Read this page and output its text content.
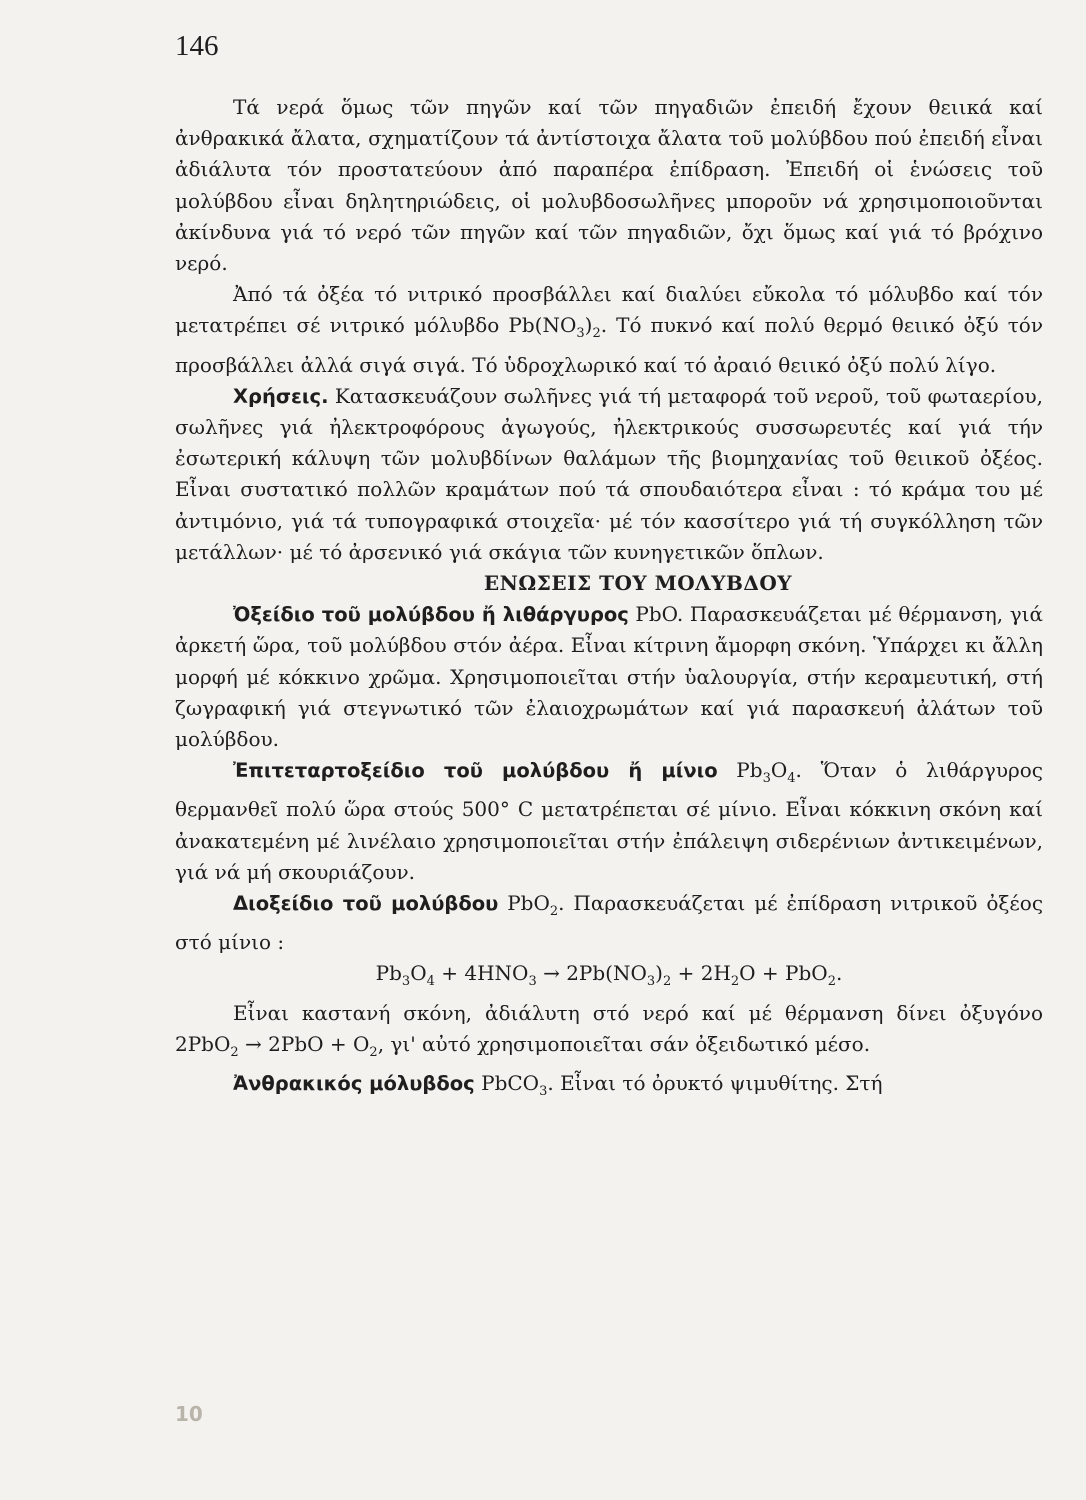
146

Τά νερά ὅμως τῶν πηγῶν καί τῶν πηγαδιῶν ἐπειδή ἔχουν θειικά καί ἀνθρακικά ἄλατα, σχηματίζουν τά ἀντίστοιχα ἄλατα τοῦ μολύβδου πού ἐπειδή εἶναι ἀδιάλυτα τόν προστατεύουν ἀπό παραπέρα ἐπίδραση. Ἐπειδή οἱ ἑνώσεις τοῦ μολύβδου εἶναι δηλητηριώδεις, οἱ μολυβδοσωλῆνες μποροῦν νά χρησιμοποιοῦνται ἀκίνδυνα γιά τό νερό τῶν πηγῶν καί τῶν πηγαδιῶν, ὄχι ὅμως καί γιά τό βρόχινο νερό.

Ἀπό τά ὀξέα τό νιτρικό προσβάλλει καί διαλύει εὔκολα τό μόλυβδο καί τόν μετατρέπει σέ νιτρικό μόλυβδο $Pb(NO_3)_2$. Τό πυκνό καί πολύ θερμό θειικό ὀξύ τόν προσβάλλει ἀλλά σιγά σιγά. Τό ὑδροχλωρικό καί τό ἀραιό θειικό ὀξύ πολύ λίγο.

Χρήσεις. Κατασκευάζουν σωλῆνες γιά τή μεταφορά τοῦ νεροῦ, τοῦ φωταερίου, σωλῆνες γιά ἠλεκτροφόρους ἀγωγούς, ἠλεκτρικούς συσσωρευτές καί γιά τήν ἐσωτερική κάλυψη τῶν μολυβδίνων θαλάμων τῆς βιομηχανίας τοῦ θειικοῦ ὀξέος. Εἶναι συστατικό πολλῶν κραμάτων πού τά σπουδαιότερα εἶναι : τό κράμα του μέ ἀντιμόνιο, γιά τά τυπογραφικά στοιχεῖα· μέ τόν κασσίτερο γιά τή συγκόλληση τῶν μετάλλων· μέ τό ἀρσενικό γιά σκάγια τῶν κυνηγετικῶν ὅπλων.

ΕΝΩΣΕΙΣ ΤΟΥ ΜΟΛΥΒΔΟΥ

Ὀξείδιο τοῦ μολύβδου ἤ λιθάργυρος PbO. Παρασκευάζεται μέ θέρμανση, γιά ἀρκετή ὥρα, τοῦ μολύβδου στόν ἀέρα. Εἶναι κίτρινη ἄμορφη σκόνη. Ὑπάρχει κι ἄλλη μορφή μέ κόκκινο χρῶμα. Χρησιμοποιεῖται στήν ὑαλουργία, στήν κεραμευτική, στή ζωγραφική γιά στεγνωτικό τῶν ἐλαιοχρωμάτων καί γιά παρασκευή ἀλάτων τοῦ μολύβδου.

Ἐπιτεταρτοξείδιο τοῦ μολύβδου ἤ μίνιο $Pb_3O_4$. Ὅταν ὁ λιθάργυρος θερμανθεῖ πολύ ὥρα στούς 500° C μετατρέπεται σέ μίνιο. Εἶναι κόκκινη σκόνη καί ἀνακατεμένη μέ λινέλαιο χρησιμοποιεῖται στήν ἐπάλειψη σιδερένιων ἀντικειμένων, γιά νά μή σκουριάζουν.

Διοξείδιο τοῦ μολύβδου PbO$_2$. Παρασκευάζεται μέ ἐπίδραση νιτρικοῦ ὀξέος στό μίνιο :

$Pb_3O_4 + 4HNO_3 \to 2Pb(NO_3)_2 + 2H_2O + PbO_2$.

Εἶναι καστανή σκόνη, ἀδιάλυτη στό νερό καί μέ θέρμανση δίνει ὀξυγόνο $2PbO_2 \to 2PbO + O_2$, γι' αὐτό χρησιμοποιεῖται σάν ὀξειδωτικό μέσο.

Ἀνθρακικός μόλυβδος PbCO$_3$. Εἶναι τό ὀρυκτό ψιμυθίτης. Στή

10
